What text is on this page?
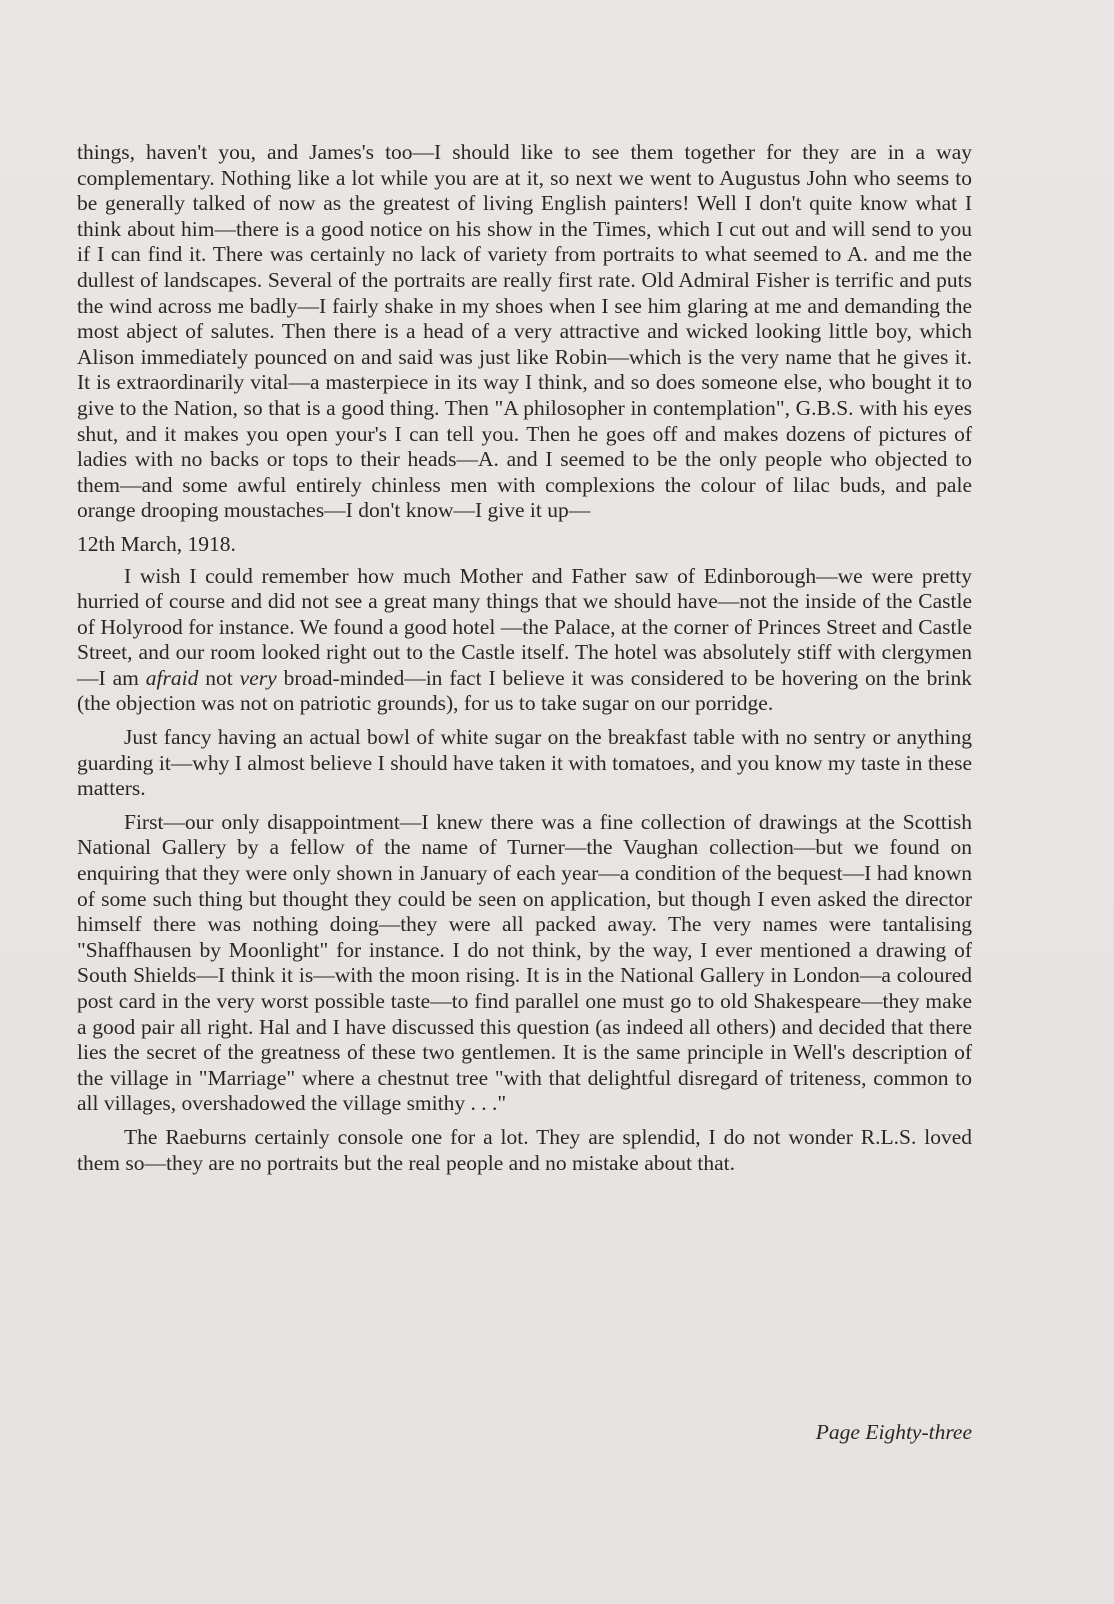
things, haven't you, and James's too—I should like to see them together for they are in a way complementary. Nothing like a lot while you are at it, so next we went to Augustus John who seems to be generally talked of now as the greatest of living English painters! Well I don't quite know what I think about him—there is a good notice on his show in the Times, which I cut out and will send to you if I can find it. There was certainly no lack of variety from portraits to what seemed to A. and me the dullest of landscapes. Several of the portraits are really first rate. Old Admiral Fisher is terrific and puts the wind across me badly—I fairly shake in my shoes when I see him glaring at me and demanding the most abject of salutes. Then there is a head of a very attractive and wicked looking little boy, which Alison immediately pounced on and said was just like Robin—which is the very name that he gives it. It is extraordinarily vital—a masterpiece in its way I think, and so does someone else, who bought it to give to the Nation, so that is a good thing. Then "A philosopher in contemplation", G.B.S. with his eyes shut, and it makes you open your's I can tell you. Then he goes off and makes dozens of pictures of ladies with no backs or tops to their heads—A. and I seemed to be the only people who objected to them—and some awful entirely chinless men with complexions the colour of lilac buds, and pale orange drooping moustaches—I don't know—I give it up—

12th March, 1918.

I wish I could remember how much Mother and Father saw of Edinborough—we were pretty hurried of course and did not see a great many things that we should have—not the inside of the Castle of Holyrood for instance. We found a good hotel —the Palace, at the corner of Princes Street and Castle Street, and our room looked right out to the Castle itself. The hotel was absolutely stiff with clergymen—I am afraid not very broad-minded—in fact I believe it was considered to be hovering on the brink (the objection was not on patriotic grounds), for us to take sugar on our porridge.

Just fancy having an actual bowl of white sugar on the breakfast table with no sentry or anything guarding it—why I almost believe I should have taken it with tomatoes, and you know my taste in these matters.

First—our only disappointment—I knew there was a fine collection of drawings at the Scottish National Gallery by a fellow of the name of Turner—the Vaughan collection—but we found on enquiring that they were only shown in January of each year—a condition of the bequest—I had known of some such thing but thought they could be seen on application, but though I even asked the director himself there was nothing doing—they were all packed away. The very names were tantalising "Shaffhausen by Moonlight" for instance. I do not think, by the way, I ever mentioned a drawing of South Shields—I think it is—with the moon rising. It is in the National Gallery in London—a coloured post card in the very worst possible taste—to find parallel one must go to old Shakespeare—they make a good pair all right. Hal and I have discussed this question (as indeed all others) and decided that there lies the secret of the greatness of these two gentlemen. It is the same principle in Well's description of the village in "Marriage" where a chestnut tree "with that delightful disregard of triteness, common to all villages, overshadowed the village smithy . . ."

The Raeburns certainly console one for a lot. They are splendid, I do not wonder R.L.S. loved them so—they are no portraits but the real people and no mistake about that.

Page Eighty-three
